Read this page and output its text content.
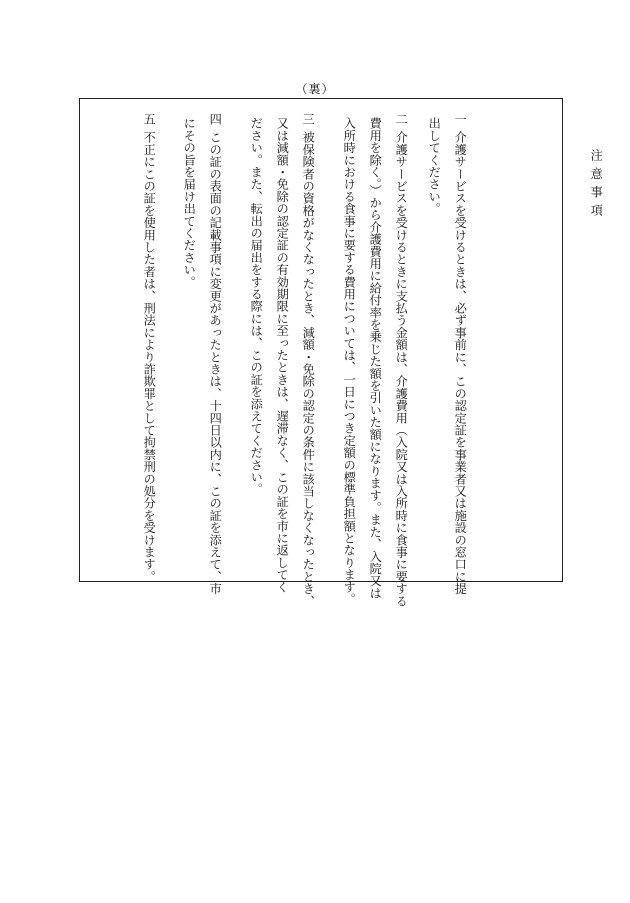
（裏）
注意事項
一
介護サービスを受けるときは、必ず事前に、この認定証を事業者又は施設の窓口に提
出してください。
二
介護サービスを受けるときに支払う金額は、介護費用（入院又は入所時に食事に要する
費用を除く。）から介護費用に給付率を乗じた額を引いた額になります。また、入院又は
入所時における食事に要する費用については、一日につき定額の標準負担額となります。
三
被保険者の資格がなくなったとき、減額・免除の認定の条件に該当しなくなったとき、
又は減額・免除の認定証の有効期限に至ったときは、遅滞なく、この証を市に返してく
ださい。また、転出の届出をする際には、この証を添えてください。
四
この証の表面の記載事項に変更があったときは、十四日以内に、この証を添えて、市
にその旨を届け出てください。
五
不正にこの証を使用した者は、刑法により詐欺罪として拘禁刑の処分を受けます。
